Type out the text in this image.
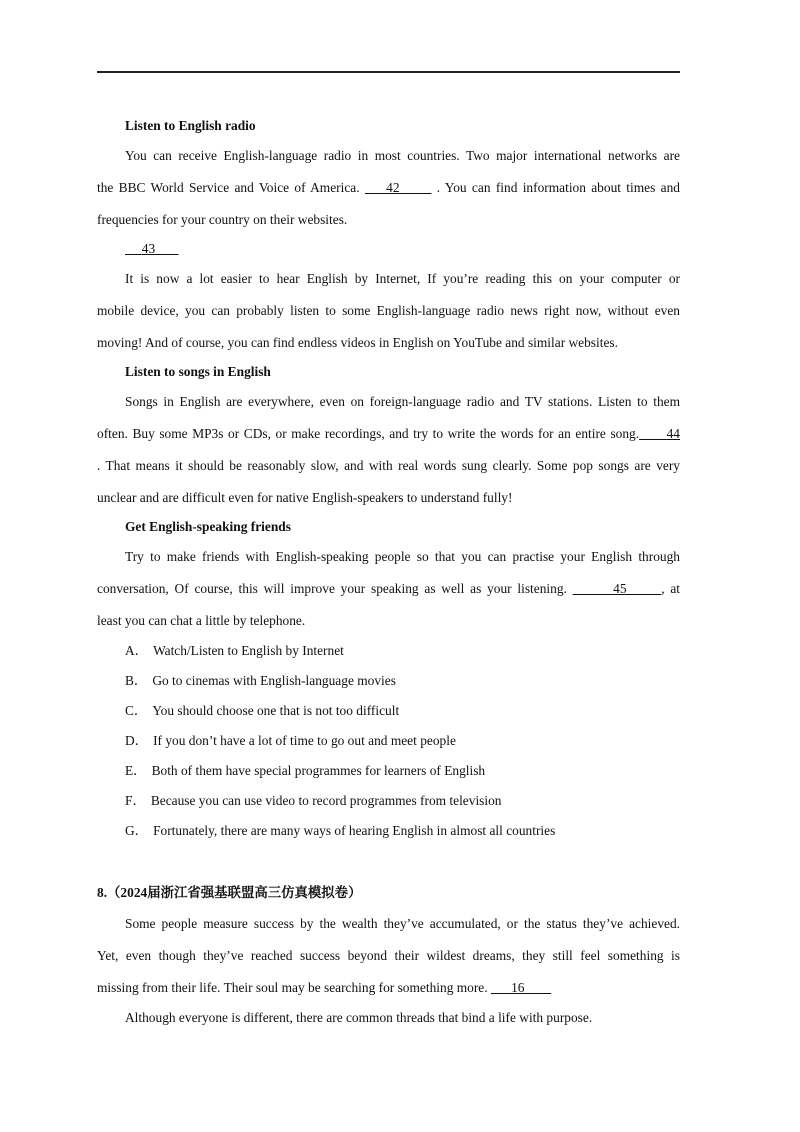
Listen to English radio
You can receive English-language radio in most countries. Two major international networks are
the BBC World Service and Voice of America. 42	. You can find information about times and
frequencies for your country on their websites.
43
It is now a lot easier to hear English by Internet, If you’re reading this on your computer or
mobile device, you can probably listen to some English-language radio news right now, without even
moving! And of course, you can find endless videos in English on YouTube and similar websites.
Listen to songs in English
Songs in English are everywhere, even on foreign-language radio and TV stations. Listen to them
often. Buy some MP3s or CDs, or make recordings, and try to write the words for an entire song. 44
. That means it should be reasonably slow, and with real words sung clearly. Some pop songs are very
unclear and are difficult even for native English-speakers to understand fully!
Get English-speaking friends
Try to make friends with English-speaking people so that you can practise your English through
conversation, Of course, this will improve your speaking as well as your listening.	45	, at
least you can chat a little by telephone.
A． Watch/Listen to English by Internet
B． Go to cinemas with English-language movies
C． You should choose one that is not too difficult
D． If you don’t have a lot of time to go out and meet people
E． Both of them have special programmes for learners of English
F． Because you can use video to record programmes from television
G． Fortunately, there are many ways of hearing English in almost all countries
8.（2024届浙江省强基联盟高三仿真模拟卷）
Some people measure success by the wealth they’ve accumulated, or the status they’ve achieved.
Yet, even though they’ve reached success beyond their wildest dreams, they still feel something is
missing from their life. Their soul may be searching for something more. 16
Although everyone is different, there are common threads that bind a life with purpose.
